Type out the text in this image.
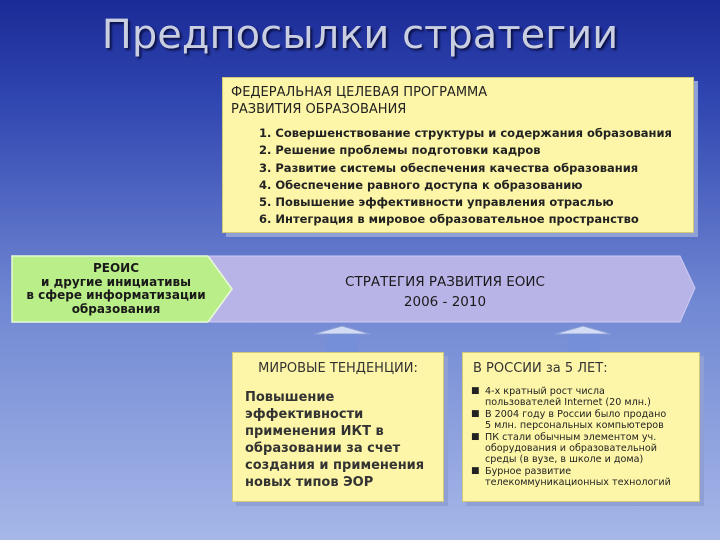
Предпосылки стратегии
ФЕДЕРАЛЬНАЯ ЦЕЛЕВАЯ ПРОГРАММА
РАЗВИТИЯ ОБРАЗОВАНИЯ
1. Совершенствование структуры и содержания образования
2. Решение проблемы подготовки кадров
3. Развитие системы обеспечения качества образования
4. Обеспечение равного доступа к образованию
5. Повышение эффективности управления отраслью
6. Интеграция в мировое образовательное пространство
РЕОИС
и другие инициативы
в сфере информатизации
образования
СТРАТЕГИЯ РАЗВИТИЯ ЕОИС
2006 - 2010
МИРОВЫЕ ТЕНДЕНЦИИ:
Повышение
эффективности
применения ИКТ в
образовании за счет
создания и применения
новых типов ЭОР
В РОССИИ за 5 ЛЕТ:
■ 4-х кратный рост числа
пользователей Internet (20 млн.)
■ В 2004 году в России было продано
5 млн. персональных компьютеров
■ ПК стали обычным элементом уч.
оборудования и образовательной
среды (в вузе, в школе и дома)
■ Бурное развитие
телекоммуникационных технологий
